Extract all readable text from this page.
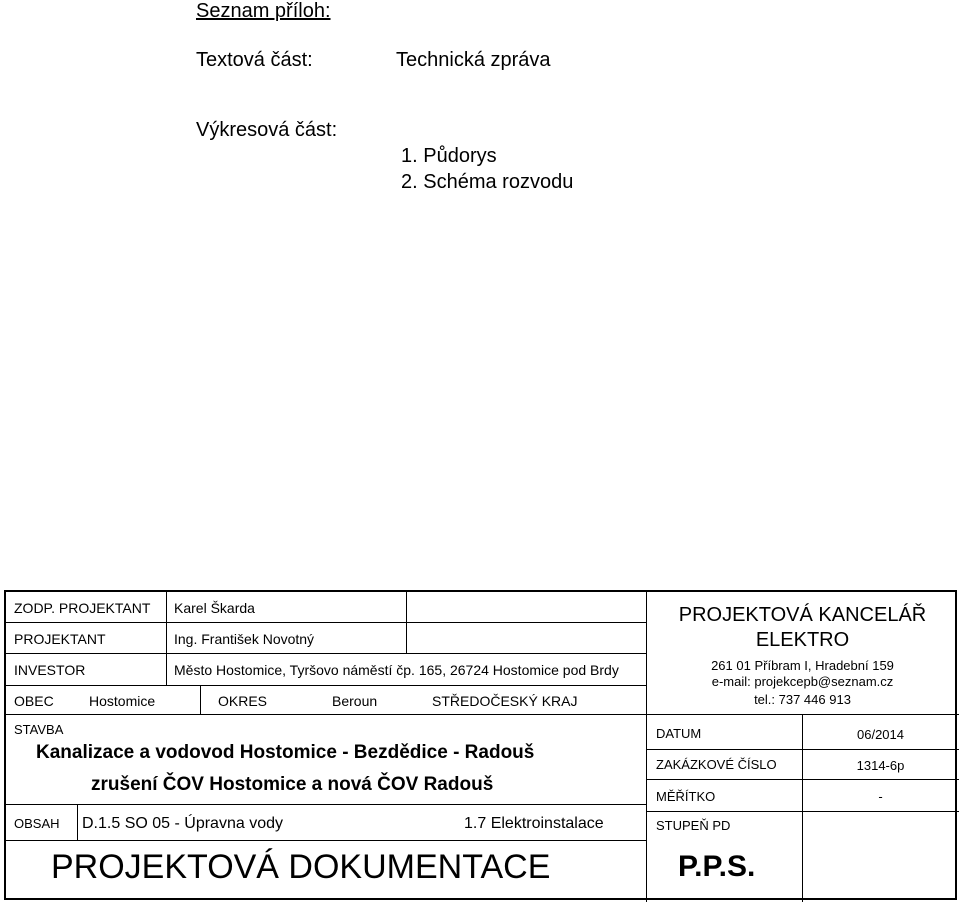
Seznam příloh:
Textová část:	Technická zpráva
Výkresová část:
1. Půdorys
2. Schéma rozvodu
ZODP. PROJEKTANT Karel Škarda
PROJEKTANT	Ing. František Novotný
INVESTOR	Město Hostomice, Tyršovo náměstí čp. 165, 26724 Hostomice pod Brdy
OBEC	Hostomice	OKRES	Beroun	STŘEDOČESKÝ KRAJ
STAVBA
Kanalizace a vodovod Hostomice - Bezdědice - Radouš
zrušení ČOV Hostomice a nová ČOV Radouš
OBSAH D.1.5 SO 05 - Úpravna vody	1.7 Elektroinstalace
PROJEKTOVÁ DOKUMENTACE
PROJEKTOVÁ KANCELÁŘ
ELEKTRO
261 01 Příbram I, Hradební 159
e-mail: projekcepb@seznam.cz
tel.: 737 446 913
DATUM	06/2014
ZAKÁZKOVÉ ČÍSLO	1314-6p
MĚŘÍTKO	-
STUPEŇ PD
P.P.S.
